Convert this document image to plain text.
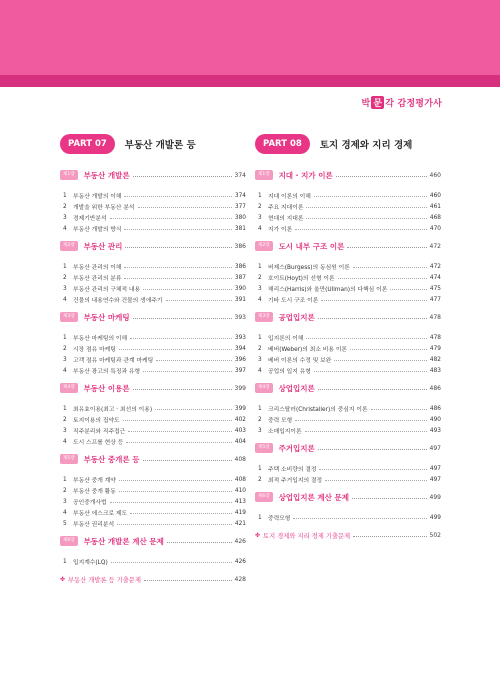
박 문 각 감정평가사
PART 07	부동산 개발론 등
제1장	부동산 개발론	374
1	부동산 개발의 이해	374
2	개발을 위한 부동산 분석	377
3	경제기반분석	380
4	부동산 개발의 방식	381
제2장	부동산 관리	386
1	부동산 관리의 이해	386
2	부동산 관리의 분류	387
3	부동산 관리의 구체적 내용	390
4	건물의 내용연수와 건물의 생애주기	391
제3장	부동산 마케팅	393
1	부동산 마케팅의 이해	393
2	시장 점유 마케팅	394
3	고객 점유 마케팅과 관계 마케팅	396
4	부동산 광고의 특징과 유형	397
제4장	부동산 이용론	399
1	최유효이용(최고 · 최선의 이용)	399
2	토지이용의 집약도	402
3	직주분리와 직주접근	403
4	도시 스프롤 현상 등	404
제5장	부동산 중개론 등	408
1	부동산 중개 계약	408
2	부동산 중개 활동	410
3	공인중개사법	413
4	부동산 에스크로 제도	419
5	부동산 권리분석	421
제6장	부동산 개발론 계산 문제	426
1	입지계수(LQ)	426
✤ 부동산 개발론 등 기출문제	428
PART 08	토지 경제와 지리 경제
제1장	지대 · 지가 이론	460
1	지대 이론의 이해	460
2	주요 지대이론	461
3	현대의 지대론	468
4	지가 이론	470
제2장	도시 내부 구조 이론	472
1	버제스(Burgess)의 동심원 이론	472
2	호이트(Hoyt)의 선형 이론	474
3	해리스(Harris)와 울만(Ullman)의 다핵심 이론	475
4	기타 도시 구조 이론	477
제3장	공업입지론	478
1	입지론의 이해	478
2	베버(Weber)의 최소 비용 이론	479
3	베버 이론의 수정 및 보완	482
4	공업의 입지 유형	483
제4장	상업입지론	486
1	크리스탈러(Christaller)의 중심지 이론	486
2	중력 모형	490
3	소매입지이론	493
제5장	주거입지론	497
1	주택 소비량의 결정	497
2	최적 주거입지의 결정	497
제6장	상업입지론 계산 문제	499
1	중력모형	499
✤ 토지 경제와 지리 경제 기출문제	502
